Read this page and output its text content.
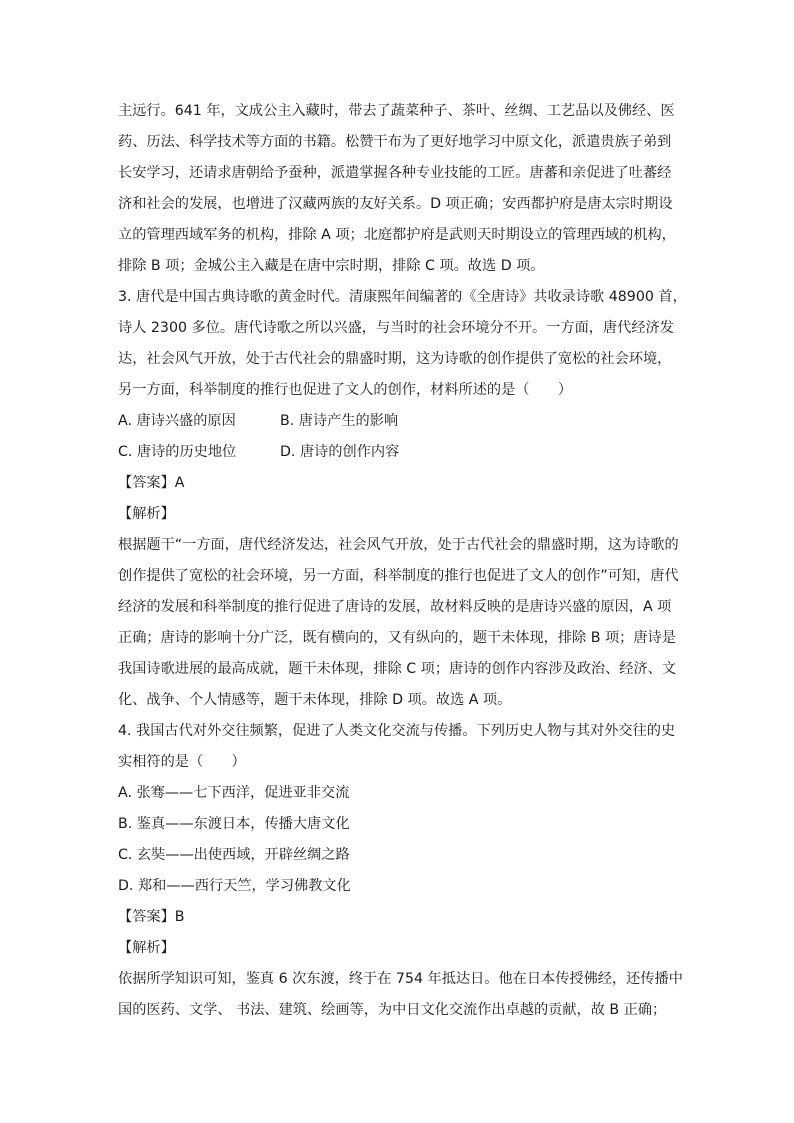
主远行。641 年，文成公主入藏时，带去了蔬菜种子、茶叶、丝绸、工艺品以及佛经、医
药、历法、科学技术等方面的书籍。松赞干布为了更好地学习中原文化，派遣贵族子弟到
长安学习，还请求唐朝给予蚕种，派遣掌握各种专业技能的工匠。唐蕃和亲促进了吐蕃经
济和社会的发展，也增进了汉藏两族的友好关系。D 项正确；安西都护府是唐太宗时期设
立的管理西域军务的机构，排除 A 项；北庭都护府是武则天时期设立的管理西域的机构，
排除 B 项；金城公主入藏是在唐中宗时期，排除 C 项。故选 D 项。
3. 唐代是中国古典诗歌的黄金时代。清康熙年间编著的《全唐诗》共收录诗歌 48900 首，
诗人 2300 多位。唐代诗歌之所以兴盛，与当时的社会环境分不开。一方面，唐代经济发
达，社会风气开放，处于古代社会的鼎盛时期，这为诗歌的创作提供了宽松的社会环境，
另一方面，科举制度的推行也促进了文人的创作，材料所述的是（　　）
A. 唐诗兴盛的原因	B. 唐诗产生的影响
C. 唐诗的历史地位	D. 唐诗的创作内容
【答案】A
【解析】
根据题干“一方面，唐代经济发达，社会风气开放，处于古代社会的鼎盛时期，这为诗歌的
创作提供了宽松的社会环境，另一方面，科举制度的推行也促进了文人的创作”可知，唐代
经济的发展和科举制度的推行促进了唐诗的发展，故材料反映的是唐诗兴盛的原因，A 项
正确；唐诗的影响十分广泛，既有横向的，又有纵向的，题干未体现，排除 B 项；唐诗是
我国诗歌进展的最高成就，题干未体现，排除 C 项；唐诗的创作内容涉及政治、经济、文
化、战争、个人情感等，题干未体现，排除 D 项。故选 A 项。
4. 我国古代对外交往频繁，促进了人类文化交流与传播。下列历史人物与其对外交往的史
实相符的是（　　）
A. 张骞——七下西洋，促进亚非交流
B. 鉴真——东渡日本，传播大唐文化
C. 玄奘——出使西域，开辟丝绸之路
D. 郑和——西行天竺，学习佛教文化
【答案】B
【解析】
依据所学知识可知，鉴真 6 次东渡，终于在 754 年抵达日。他在日本传授佛经，还传播中
国的医药、文学、 书法、建筑、绘画等，为中日文化交流作出卓越的贡献，故 B 正确；
